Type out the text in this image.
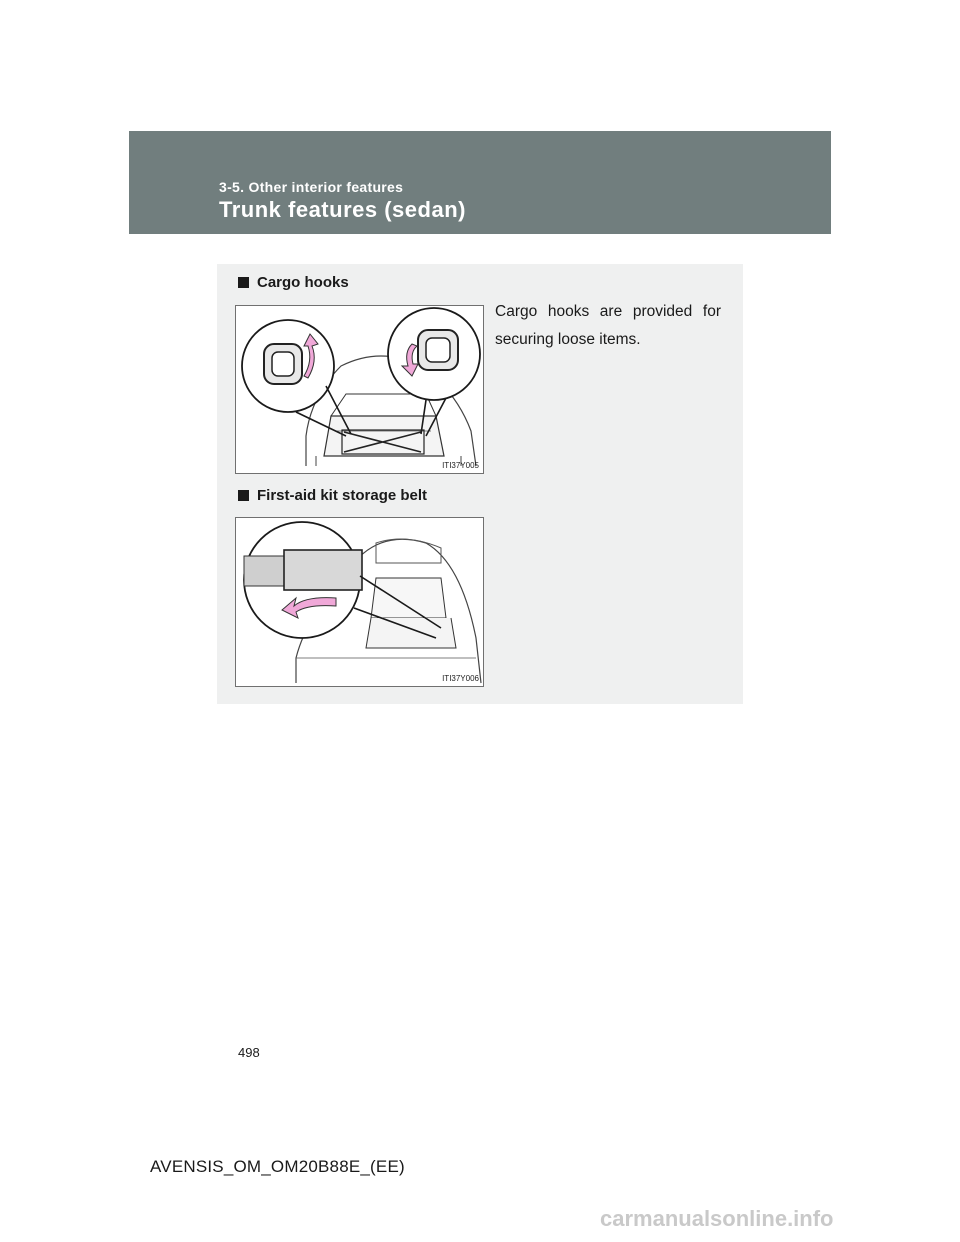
3-5. Other interior features
Trunk features (sedan)
Cargo hooks
Cargo hooks are provided for securing loose items.
ITI37Y005
First-aid kit storage belt
ITI37Y006
498
AVENSIS_OM_OM20B88E_(EE)
carmanualsonline.info
